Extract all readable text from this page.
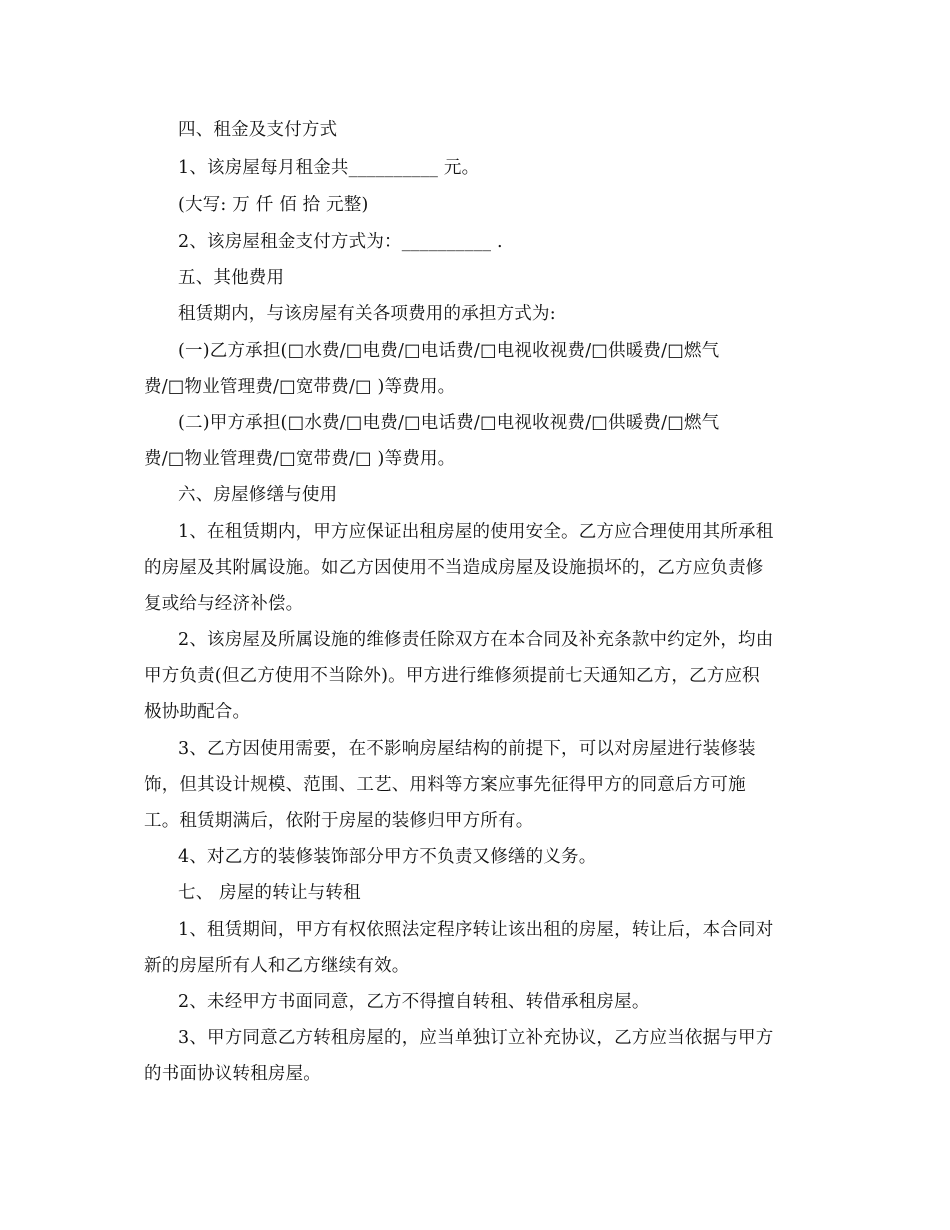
四、租金及支付方式
1、该房屋每月租金共__________ 元。
(大写: 万 仟 佰 拾 元整)
2、该房屋租金支付方式为：__________ .
五、其他费用
租赁期内，与该房屋有关各项费用的承担方式为:
(一)乙方承担(□水费/□电费/□电话费/□电视收视费/□供暖费/□燃气
费/□物业管理费/□宽带费/□ )等费用。
(二)甲方承担(□水费/□电费/□电话费/□电视收视费/□供暖费/□燃气
费/□物业管理费/□宽带费/□ )等费用。
六、房屋修缮与使用
1、在租赁期内，甲方应保证出租房屋的使用安全。乙方应合理使用其所承租
的房屋及其附属设施。如乙方因使用不当造成房屋及设施损坏的，乙方应负责修
复或给与经济补偿。
2、该房屋及所属设施的维修责任除双方在本合同及补充条款中约定外，均由
甲方负责(但乙方使用不当除外)。甲方进行维修须提前七天通知乙方，乙方应积
极协助配合。
3、乙方因使用需要，在不影响房屋结构的前提下，可以对房屋进行装修装
饰，但其设计规模、范围、工艺、用料等方案应事先征得甲方的同意后方可施
工。租赁期满后，依附于房屋的装修归甲方所有。
4、对乙方的装修装饰部分甲方不负责又修缮的义务。
七、 房屋的转让与转租
1、租赁期间，甲方有权依照法定程序转让该出租的房屋，转让后，本合同对
新的房屋所有人和乙方继续有效。
2、未经甲方书面同意，乙方不得擅自转租、转借承租房屋。
3、甲方同意乙方转租房屋的，应当单独订立补充协议，乙方应当依据与甲方
的书面协议转租房屋。
